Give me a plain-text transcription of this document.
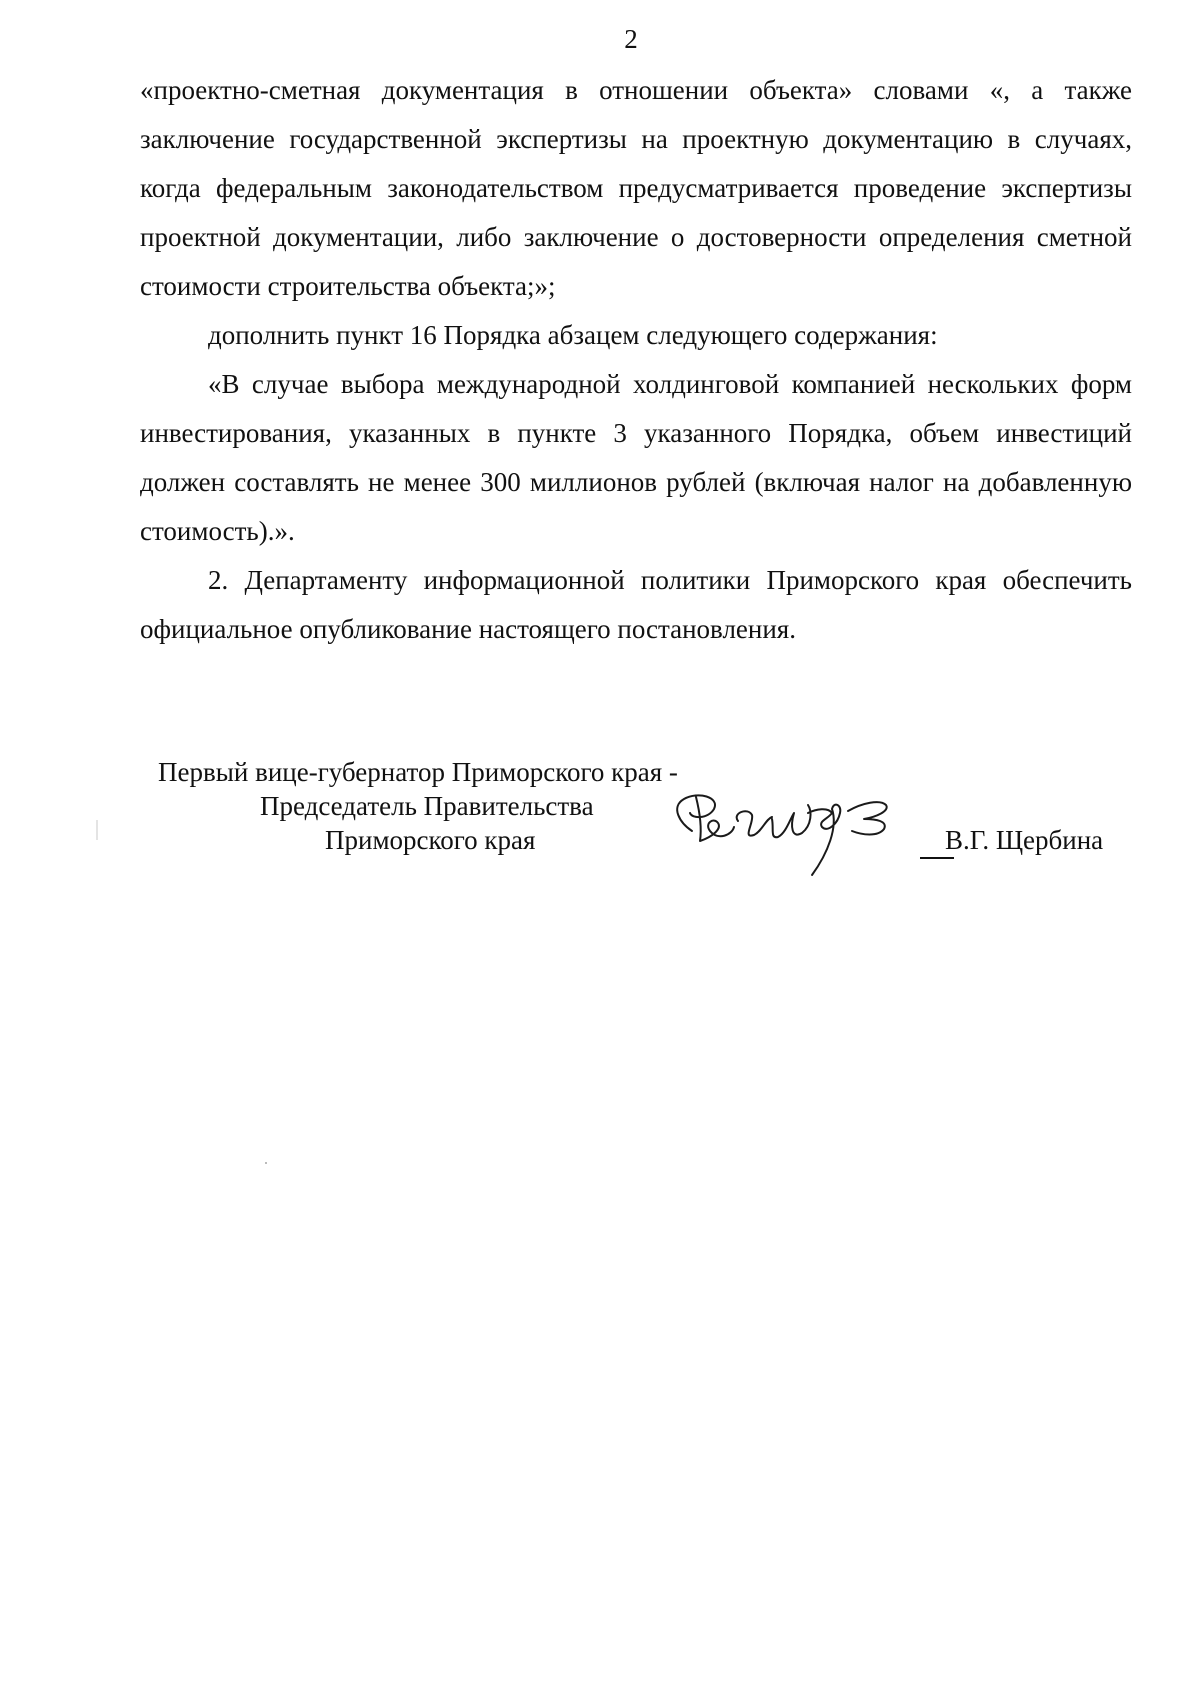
2

«проектно-сметная документация в отношении объекта» словами «, а также заключение государственной экспертизы на проектную документацию в случаях, когда федеральным законодательством предусматривается проведение экспертизы проектной документации, либо заключение о достоверности определения сметной стоимости строительства объекта;»;

дополнить пункт 16 Порядка абзацем следующего содержания:

«В случае выбора международной холдинговой компанией нескольких форм инвестирования, указанных в пункте 3 указанного Порядка, объем инвестиций должен составлять не менее 300 миллионов рублей (включая налог на добавленную стоимость).».

2. Департаменту информационной политики Приморского края обеспечить официальное опубликование настоящего постановления.

Первый вице-губернатор Приморского края -
Председатель Правительства
Приморского края	В.Г. Щербина
